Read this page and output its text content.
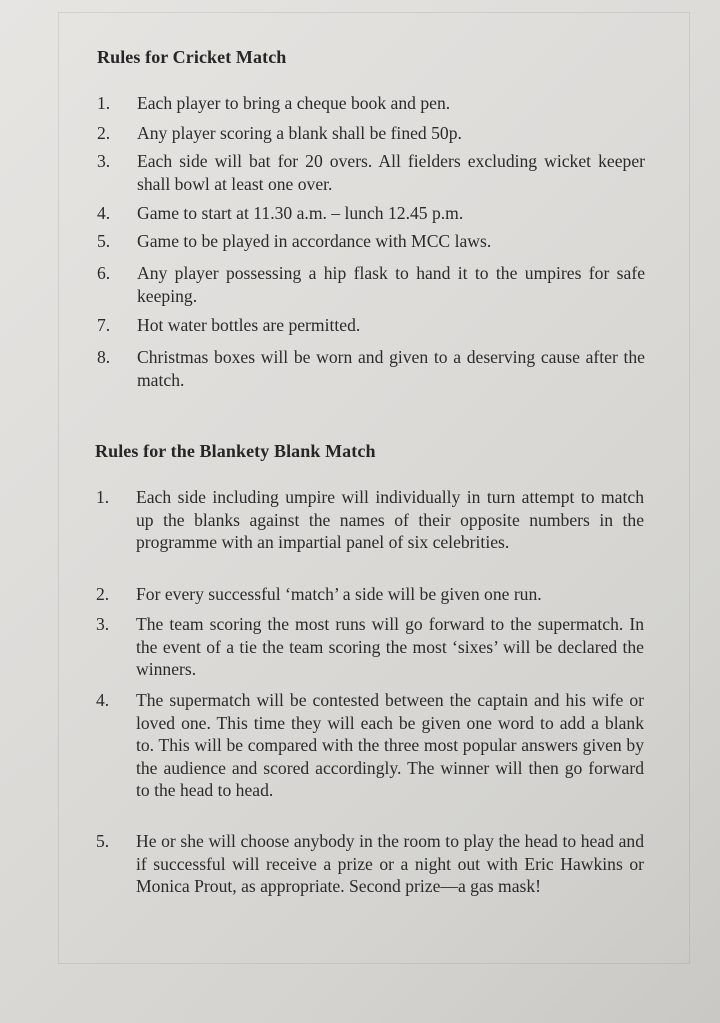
Rules for Cricket Match
1.	Each player to bring a cheque book and pen.
2.	Any player scoring a blank shall be fined 50p.
3.	Each side will bat for 20 overs. All fielders excluding wicket keeper shall bowl at least one over.
4.	Game to start at 11.30 a.m. – lunch 12.45 p.m.
5.	Game to be played in accordance with MCC laws.
6.	Any player possessing a hip flask to hand it to the umpires for safe keeping.
7.	Hot water bottles are permitted.
8.	Christmas boxes will be worn and given to a deserving cause after the match.
Rules for the Blankety Blank Match
1.	Each side including umpire will individually in turn attempt to match up the blanks against the names of their opposite numbers in the programme with an impartial panel of six celebrities.
2.	For every successful ‘match’ a side will be given one run.
3.	The team scoring the most runs will go forward to the supermatch. In the event of a tie the team scoring the most ‘sixes’ will be declared the winners.
4.	The supermatch will be contested between the captain and his wife or loved one. This time they will each be given one word to add a blank to. This will be compared with the three most popular answers given by the audience and scored accordingly. The winner will then go forward to the head to head.
5.	He or she will choose anybody in the room to play the head to head and if successful will receive a prize or a night out with Eric Hawkins or Monica Prout, as appropriate. Second prize—a gas mask!
